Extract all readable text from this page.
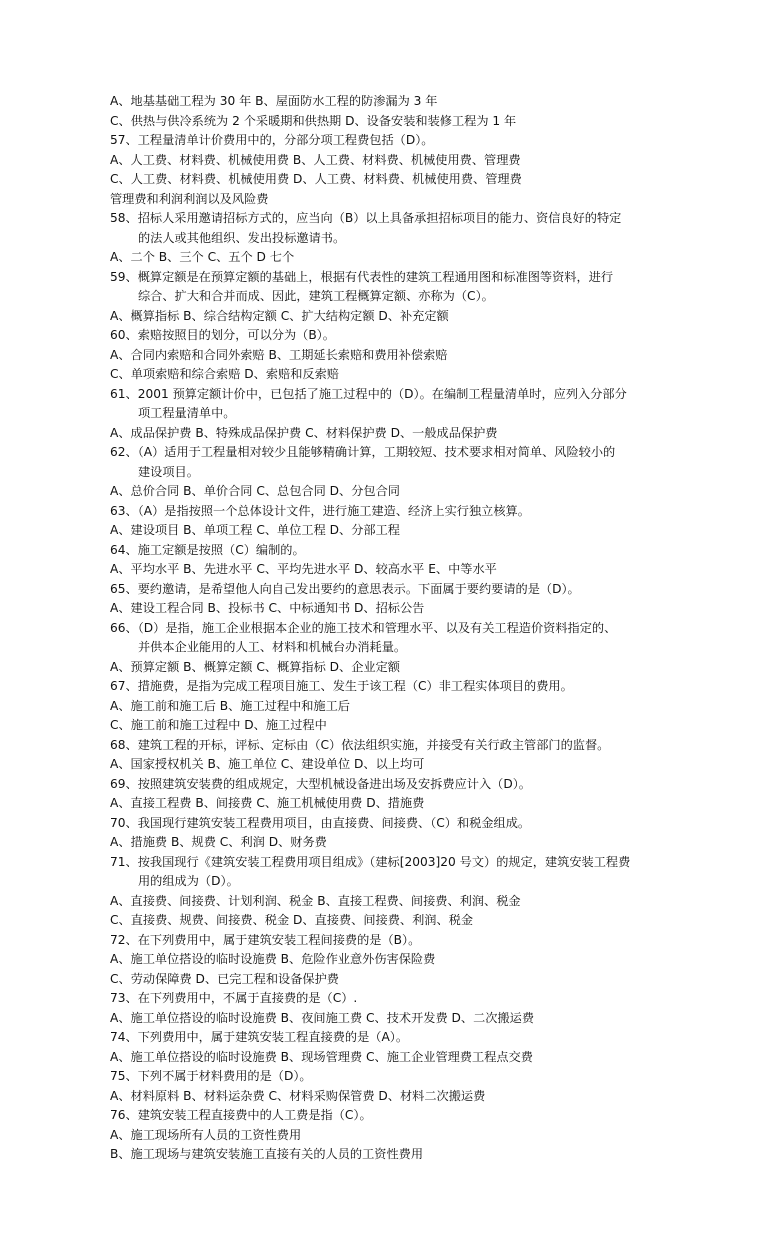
A、地基基础工程为 30 年 B、屋面防水工程的防渗漏为 3 年
C、供热与供冷系统为 2 个采暖期和供热期 D、设备安装和装修工程为 1 年
57、工程量清单计价费用中的，分部分项工程费包括（D）。
A、人工费、材料费、机械使用费 B、人工费、材料费、机械使用费、管理费
C、人工费、材料费、机械使用费 D、人工费、材料费、机械使用费、管理费
管理费和利润利润以及风险费
58、招标人采用邀请招标方式的，应当向（B）以上具备承担招标项目的能力、资信良好的特定
的法人或其他组织、发出投标邀请书。
A、二个 B、三个 C、五个 D 七个
59、概算定额是在预算定额的基础上，根据有代表性的建筑工程通用图和标准图等资料，进行
综合、扩大和合并而成、因此，建筑工程概算定额、亦称为（C）。
A、概算指标 B、综合结构定额 C、扩大结构定额 D、补充定额
60、索赔按照目的划分，可以分为（B）。
A、合同内索赔和合同外索赔 B、工期延长索赔和费用补偿索赔
C、单项索赔和综合索赔 D、索赔和反索赔
61、2001 预算定额计价中，已包括了施工过程中的（D）。在编制工程量清单时，应列入分部分
项工程量清单中。
A、成品保护费 B、特殊成品保护费 C、材料保护费 D、一般成品保护费
62、（A）适用于工程量相对较少且能够精确计算，工期较短、技术要求相对简单、风险较小的
建设项目。
A、总价合同 B、单价合同 C、总包合同 D、分包合同
63、（A）是指按照一个总体设计文件，进行施工建造、经济上实行独立核算。
A、建设项目 B、单项工程 C、单位工程 D、分部工程
64、施工定额是按照（C）编制的。
A、平均水平 B、先进水平 C、平均先进水平 D、较高水平 E、中等水平
65、要约邀请，是希望他人向自己发出要约的意思表示。下面属于要约要请的是（D）。
A、建设工程合同 B、投标书 C、中标通知书 D、招标公告
66、（D）是指，施工企业根据本企业的施工技术和管理水平、以及有关工程造价资料指定的、
并供本企业能用的人工、材料和机械台办消耗量。
A、预算定额 B、概算定额 C、概算指标 D、企业定额
67、措施费，是指为完成工程项目施工、发生于该工程（C）非工程实体项目的费用。
A、施工前和施工后 B、施工过程中和施工后
C、施工前和施工过程中 D、施工过程中
68、建筑工程的开标，评标、定标由（C）依法组织实施，并接受有关行政主管部门的监督。
A、国家授权机关 B、施工单位 C、建设单位 D、以上均可
69、按照建筑安装费的组成规定，大型机械设备进出场及安拆费应计入（D）。
A、直接工程费 B、间接费 C、施工机械使用费 D、措施费
70、我国现行建筑安装工程费用项目，由直接费、间接费、（C）和税金组成。
A、措施费 B、规费 C、利润 D、财务费
71、按我国现行《建筑安装工程费用项目组成》（建标[2003]20 号文）的规定，建筑安装工程费
用的组成为（D）。
A、直接费、间接费、计划利润、税金 B、直接工程费、间接费、利润、税金
C、直接费、规费、间接费、税金 D、直接费、间接费、利润、税金
72、在下列费用中，属于建筑安装工程间接费的是（B）。
A、施工单位搭设的临时设施费 B、危险作业意外伤害保险费
C、劳动保障费 D、已完工程和设备保护费
73、在下列费用中，不属于直接费的是（C）.
A、施工单位搭设的临时设施费 B、夜间施工费 C、技术开发费 D、二次搬运费
74、下列费用中，属于建筑安装工程直接费的是（A）。
A、施工单位搭设的临时设施费 B、现场管理费 C、施工企业管理费工程点交费
75、下列不属于材料费用的是（D）。
A、材料原料 B、材料运杂费 C、材料采购保管费 D、材料二次搬运费
76、建筑安装工程直接费中的人工费是指（C）。
A、施工现场所有人员的工资性费用
B、施工现场与建筑安装施工直接有关的人员的工资性费用
